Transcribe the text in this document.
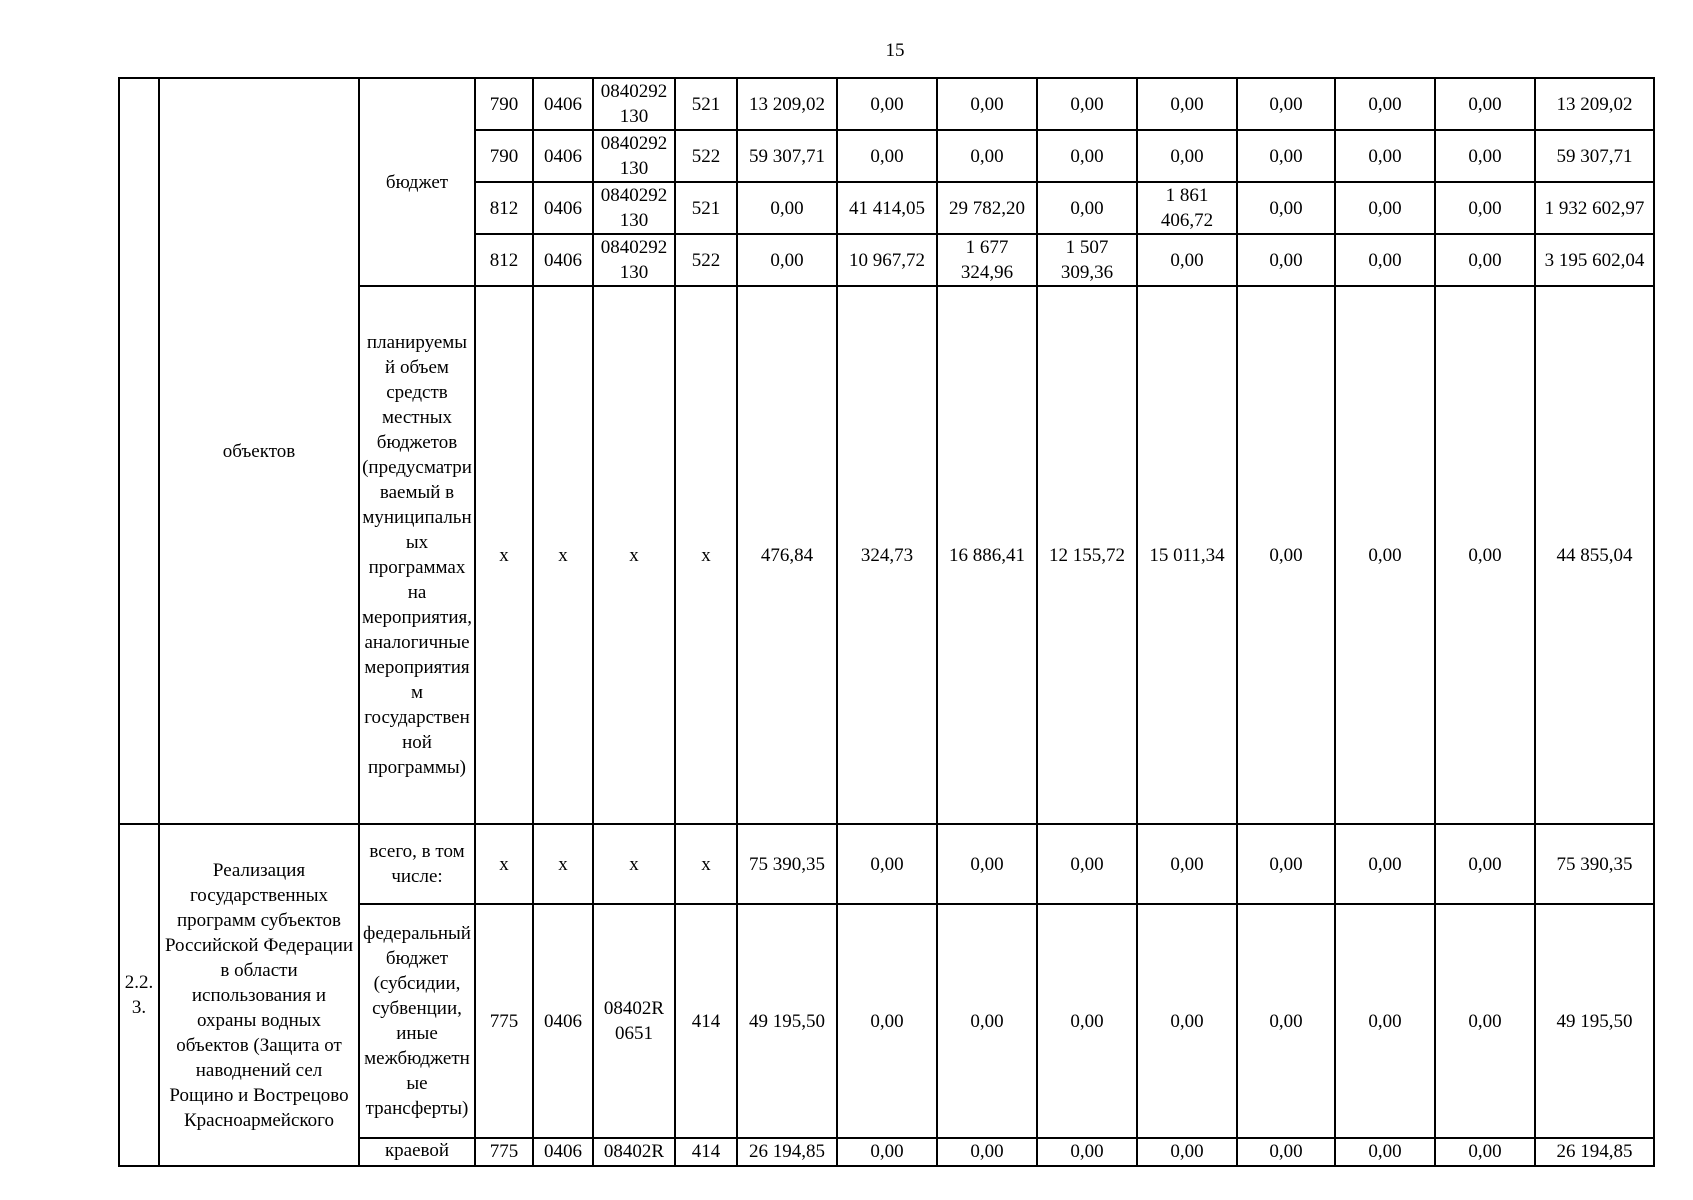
15
	объектов	бюджет	790	0406	0840292 130	521	13 209,02	0,00	0,00	0,00	0,00	0,00	0,00	0,00	13 209,02
			790	0406	0840292 130	522	59 307,71	0,00	0,00	0,00	0,00	0,00	0,00	0,00	59 307,71
			812	0406	0840292 130	521	0,00	41 414,05	29 782,20	0,00	1 861 406,72	0,00	0,00	0,00	1 932 602,97
			812	0406	0840292 130	522	0,00	10 967,72	1 677 324,96	1 507 309,36	0,00	0,00	0,00	0,00	3 195 602,04
		планируемый объем средств местных бюджетов (предусматриваемый в муниципальных программах на мероприятия, аналогичные мероприятиям государственной программы)	x	x	x	x	476,84	324,73	16 886,41	12 155,72	15 011,34	0,00	0,00	0,00	44 855,04
2.2.3.	Реализация государственных программ субъектов Российской Федерации в области использования и охраны водных объектов (Защита от наводнений сел Рощино и Вострецово Красноармейского	всего, в том числе:	x	x	x	x	75 390,35	0,00	0,00	0,00	0,00	0,00	0,00	0,00	75 390,35
		федеральный бюджет (субсидии, субвенции, иные межбюджетные трансферты)	775	0406	08402R 0651	414	49 195,50	0,00	0,00	0,00	0,00	0,00	0,00	0,00	49 195,50
		краевой	775	0406	08402R	414	26 194,85	0,00	0,00	0,00	0,00	0,00	0,00	0,00	26 194,85
